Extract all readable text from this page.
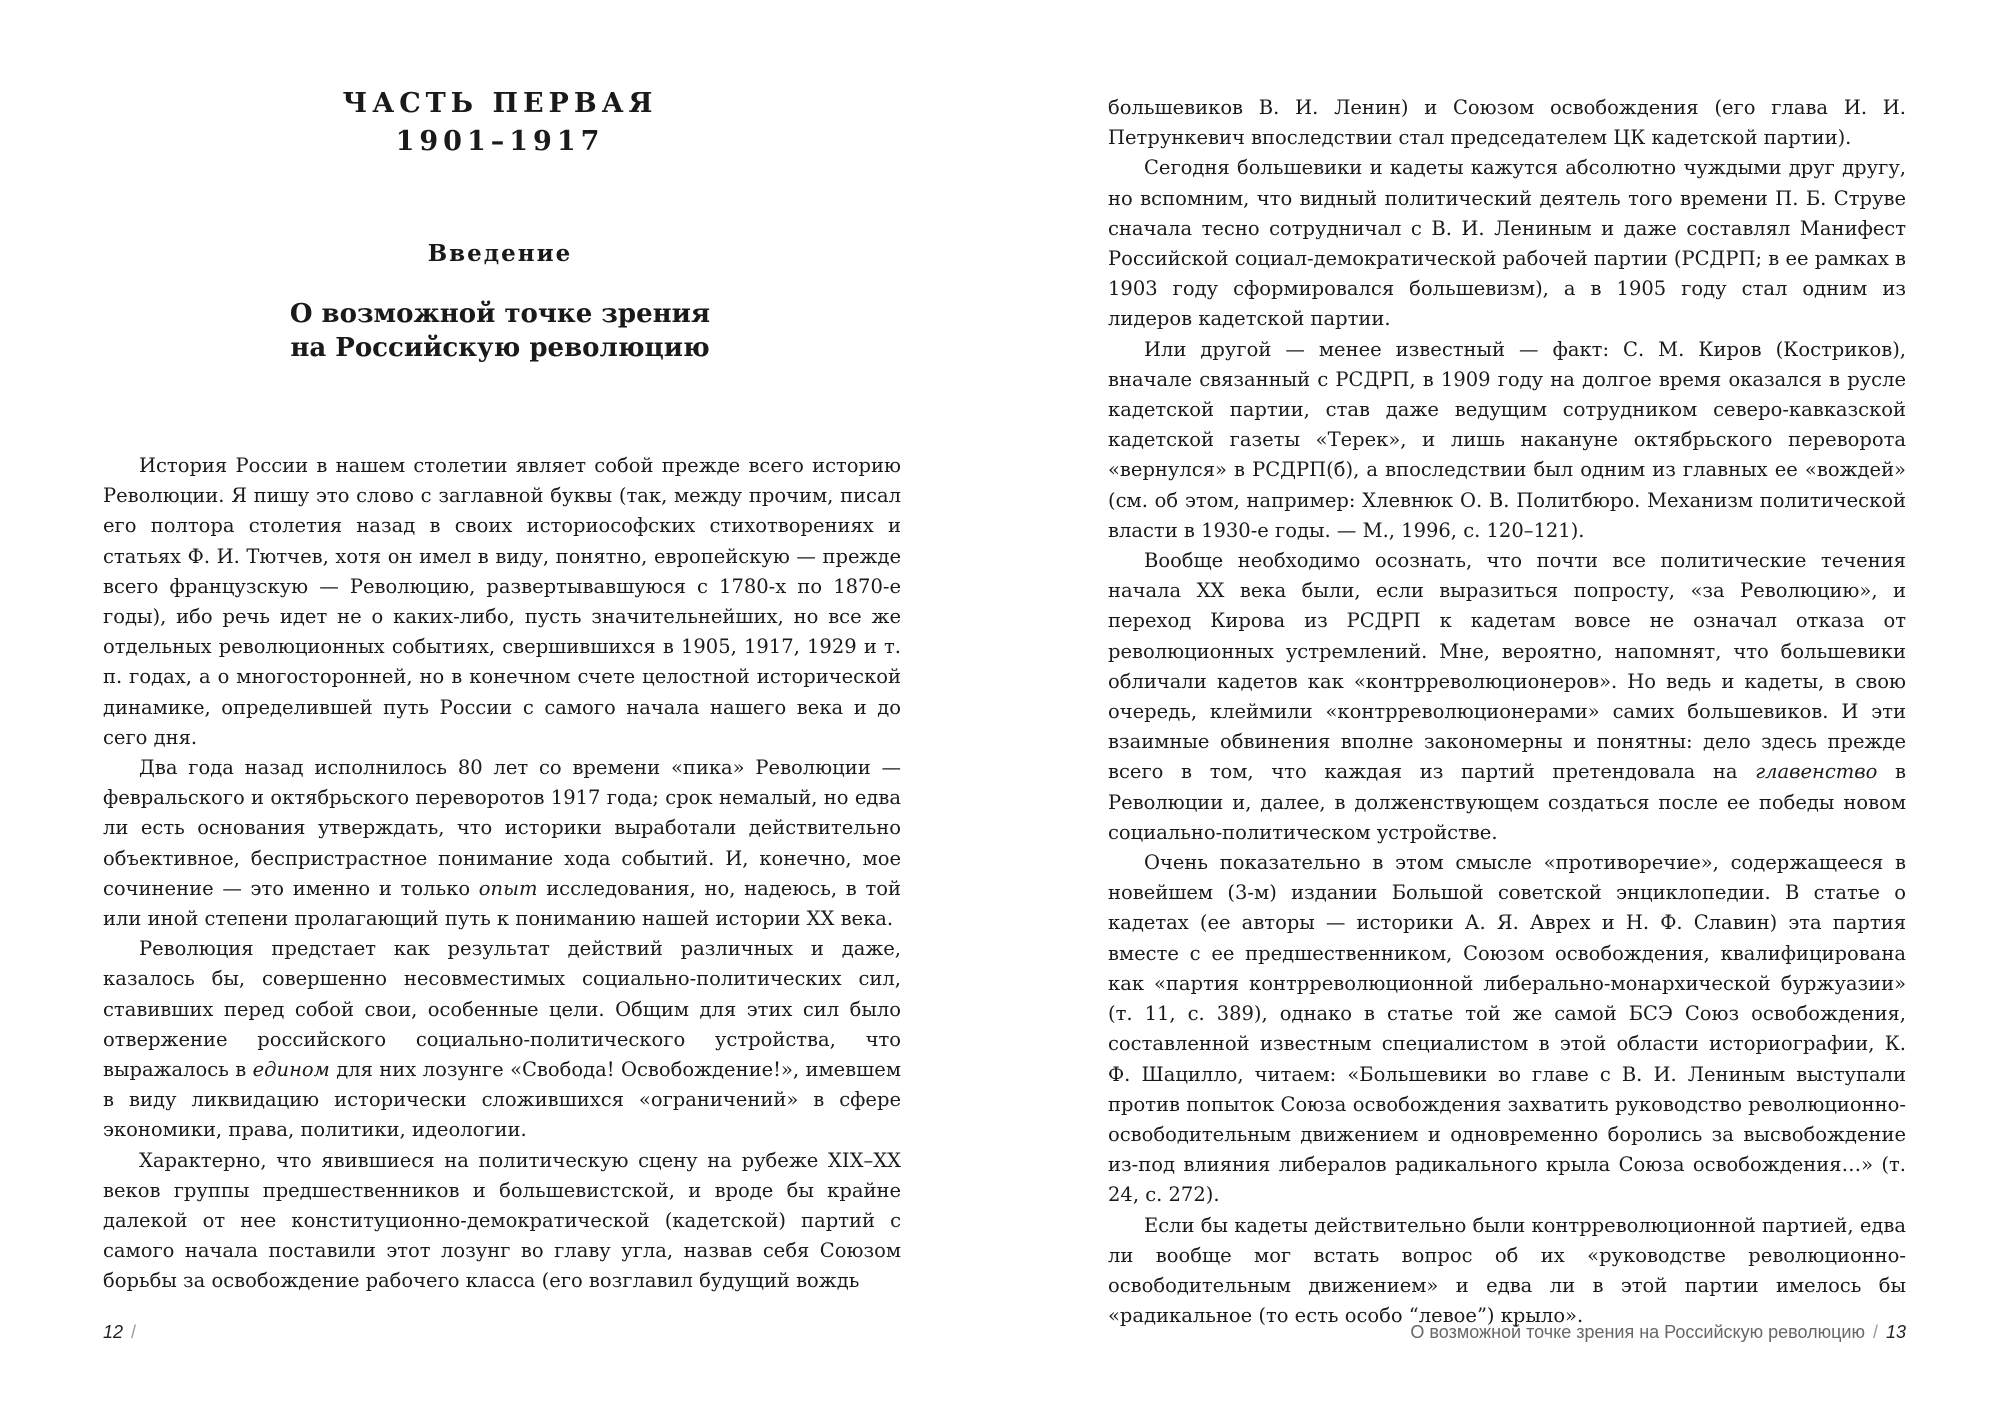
ЧАСТЬ ПЕРВАЯ
1901–1917
Введение
О возможной точке зрения
на Российскую революцию

История России в нашем столетии являет собой прежде всего историю Революции. Я пишу это слово с заглавной буквы (так, между прочим, писал его полтора столетия назад в своих историософских стихотворениях и статьях Ф. И. Тютчев, хотя он имел в виду, понятно, европейскую — прежде всего французскую — Революцию, развертывавшуюся с 1780-х по 1870-е годы), ибо речь идет не о каких-либо, пусть значительнейших, но все же отдельных революционных событиях, свершившихся в 1905, 1917, 1929 и т. п. годах, а о многосторонней, но в конечном счете целостной исторической динамике, определившей путь России с самого начала нашего века и до сего дня.

Два года назад исполнилось 80 лет со времени «пика» Революции — февральского и октябрьского переворотов 1917 года; срок немалый, но едва ли есть основания утверждать, что историки выработали действительно объективное, беспристрастное понимание хода событий. И, конечно, мое сочинение — это именно и только опыт исследования, но, надеюсь, в той или иной степени пролагающий путь к пониманию нашей истории XX века.

Революция предстает как результат действий различных и даже, казалось бы, совершенно несовместимых социально-политических сил, ставивших перед собой свои, особенные цели. Общим для этих сил было отвержение российского социально-политического устройства, что выражалось в едином для них лозунге «Свобода! Освобождение!», имевшем в виду ликвидацию исторически сложившихся «ограничений» в сфере экономики, права, политики, идеологии.

Характерно, что явившиеся на политическую сцену на рубеже XIX–XX веков группы предшественников и большевистской, и вроде бы крайне далекой от нее конституционно-демократической (кадетской) партий с самого начала поставили этот лозунг во главу угла, назвав себя Союзом борьбы за освобождение рабочего класса (его возглавил будущий вождь

12 /

большевиков В. И. Ленин) и Союзом освобождения (его глава И. И. Петрункевич впоследствии стал председателем ЦК кадетской партии).

Сегодня большевики и кадеты кажутся абсолютно чуждыми друг другу, но вспомним, что видный политический деятель того времени П. Б. Струве сначала тесно сотрудничал с В. И. Лениным и даже составлял Манифест Российской социал-демократической рабочей партии (РСДРП; в ее рамках в 1903 году сформировался большевизм), а в 1905 году стал одним из лидеров кадетской партии.

Или другой — менее известный — факт: С. М. Киров (Костриков), вначале связанный с РСДРП, в 1909 году на долгое время оказался в русле кадетской партии, став даже ведущим сотрудником северо-кавказской кадетской газеты «Терек», и лишь накануне октябрьского переворота «вернулся» в РСДРП(б), а впоследствии был одним из главных ее «вождей» (см. об этом, например: Хлевнюк О. В. Политбюро. Механизм политической власти в 1930-е годы. — М., 1996, с. 120–121).

Вообще необходимо осознать, что почти все политические течения начала XX века были, если выразиться попросту, «за Революцию», и переход Кирова из РСДРП к кадетам вовсе не означал отказа от революционных устремлений. Мне, вероятно, напомнят, что большевики обличали кадетов как «контрреволюционеров». Но ведь и кадеты, в свою очередь, клеймили «контрреволюционерами» самих большевиков. И эти взаимные обвинения вполне закономерны и понятны: дело здесь прежде всего в том, что каждая из партий претендовала на главенство в Революции и, далее, в долженствующем создаться после ее победы новом социально-политическом устройстве.

Очень показательно в этом смысле «противоречие», содержащееся в новейшем (3-м) издании Большой советской энциклопедии. В статье о кадетах (ее авторы — историки А. Я. Аврех и Н. Ф. Славин) эта партия вместе с ее предшественником, Союзом освобождения, квалифицирована как «партия контрреволюционной либерально-монархической буржуазии» (т. 11, с. 389), однако в статье той же самой БСЭ Союз освобождения, составленной известным специалистом в этой области историографии, К. Ф. Шацилло, читаем: «Большевики во главе с В. И. Лениным выступали против попыток Союза освобождения захватить руководство революционно-освободительным движением и одновременно боролись за высвобождение из-под влияния либералов радикального крыла Союза освобождения…» (т. 24, с. 272).

Если бы кадеты действительно были контрреволюционной партией, едва ли вообще мог встать вопрос об их «руководстве революционно-освободительным движением» и едва ли в этой партии имелось бы «радикальное (то есть особо “левое”) крыло».

О возможной точке зрения на Российскую революцию / 13
